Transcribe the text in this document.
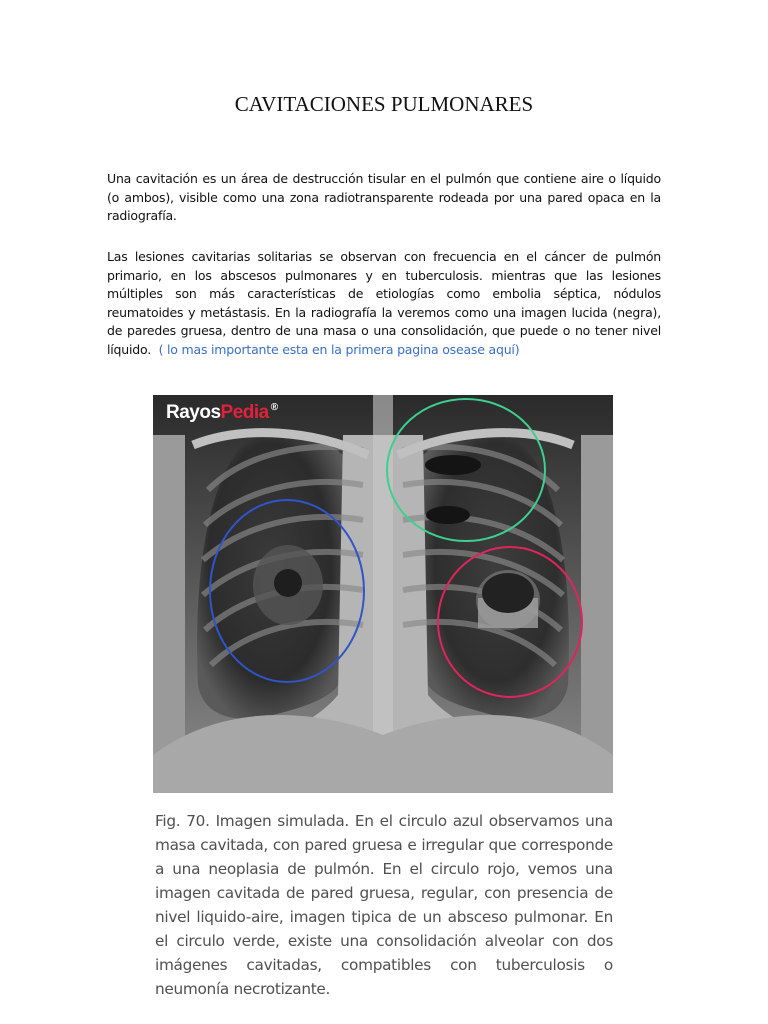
CAVITACIONES PULMONARES
Una cavitación es un área de destrucción tisular en el pulmón que contiene aire o líquido (o ambos), visible como una zona radiotransparente rodeada por una pared opaca en la radiografía.
Las lesiones cavitarias solitarias se observan con frecuencia en el cáncer de pulmón primario, en los abscesos pulmonares y en tuberculosis. mientras que las lesiones múltiples son más características de etiologías como embolia séptica, nódulos reumatoides y metástasis. En la radiografía la veremos como una imagen lucida (negra), de paredes gruesa, dentro de una masa o una consolidación, que puede o no tener nivel líquido. ( lo mas importante esta en la primera pagina osease aquí)
RayosPedia ®
Fig. 70. Imagen simulada. En el circulo azul observamos una masa cavitada, con pared gruesa e irregular que corresponde a una neoplasia de pulmón. En el circulo rojo, vemos una imagen cavitada de pared gruesa, regular, con presencia de nivel liquido-aire, imagen tipica de un absceso pulmonar. En el circulo verde, existe una consolidación alveolar con dos imágenes cavitadas, compatibles con tuberculosis o neumonía necrotizante.
